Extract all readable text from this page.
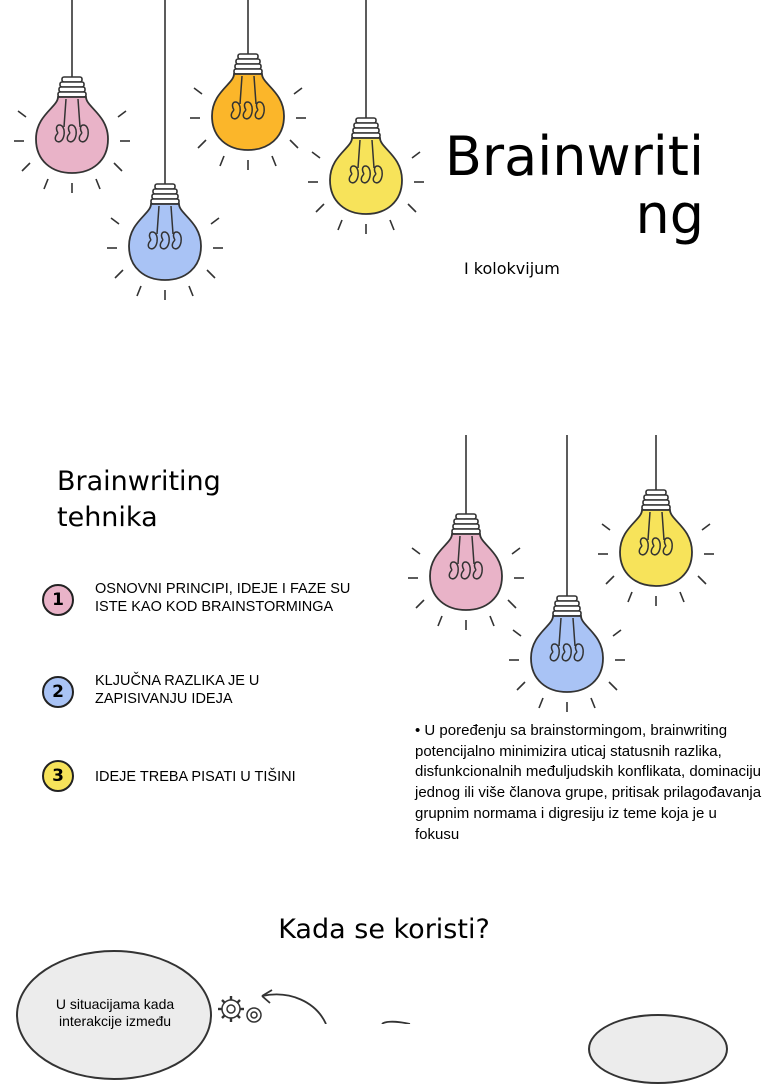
Brainwriti
ng
I kolokvijum
Brainwriting
tehnika
1
OSNOVNI PRINCIPI, IDEJE I FAZE SU ISTE KAO KOD BRAINSTORMINGA
2
KLJUČNA RAZLIKA JE U ZAPISIVANJU IDEJA
3	IDEJE TREBA PISATI U TIŠINI
• U poređenju sa brainstormingom, brainwriting potencijalno minimizira uticaj statusnih razlika, disfunkcionalnih međuljudskih konflikata, dominaciju jednog ili više članova grupe, pritisak prilagođavanja grupnim normama i digresiju iz teme koja je u fokusu
Kada se koristi?
U situacijama kada interakcije između
